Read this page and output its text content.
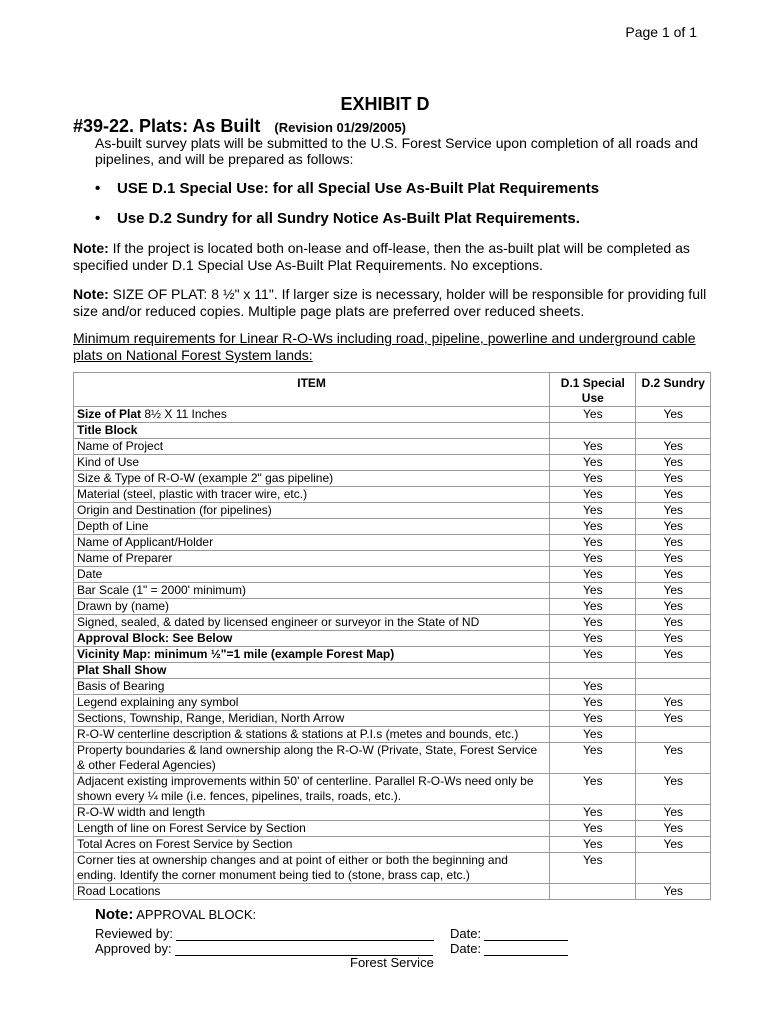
Page 1 of 1
EXHIBIT D
#39-22. Plats: As Built (Revision 01/29/2005)
As-built survey plats will be submitted to the U.S. Forest Service upon completion of all roads and pipelines, and will be prepared as follows:
• USE D.1 Special Use: for all Special Use As-Built Plat Requirements
• Use D.2 Sundry for all Sundry Notice As-Built Plat Requirements.
Note: If the project is located both on-lease and off-lease, then the as-built plat will be completed as specified under D.1 Special Use As-Built Plat Requirements. No exceptions.
Note: SIZE OF PLAT: 8 ½" x 11". If larger size is necessary, holder will be responsible for providing full size and/or reduced copies. Multiple page plats are preferred over reduced sheets.
Minimum requirements for Linear R-O-Ws including road, pipeline, powerline and underground cable plats on National Forest System lands:
ITEM	D.1 Special Use	D.2 Sundry
Size of Plat 8½ X 11 Inches	Yes	Yes
Title Block		
Name of Project	Yes	Yes
Kind of Use	Yes	Yes
Size & Type of R-O-W (example 2" gas pipeline)	Yes	Yes
Material (steel, plastic with tracer wire, etc.)	Yes	Yes
Origin and Destination (for pipelines)	Yes	Yes
Depth of Line	Yes	Yes
Name of Applicant/Holder	Yes	Yes
Name of Preparer	Yes	Yes
Date	Yes	Yes
Bar Scale (1" = 2000' minimum)	Yes	Yes
Drawn by (name)	Yes	Yes
Signed, sealed, & dated by licensed engineer or surveyor in the State of ND	Yes	Yes
Approval Block: See Below	Yes	Yes
Vicinity Map: minimum ½"=1 mile (example Forest Map)	Yes	Yes
Plat Shall Show		
Basis of Bearing	Yes	
Legend explaining any symbol	Yes	Yes
Sections, Township, Range, Meridian, North Arrow	Yes	Yes
R-O-W centerline description & stations & stations at P.I.s (metes and bounds, etc.)	Yes	
Property boundaries & land ownership along the R-O-W (Private, State, Forest Service & other Federal Agencies)	Yes	Yes
Adjacent existing improvements within 50' of centerline. Parallel R-O-Ws need only be shown every ¼ mile (i.e. fences, pipelines, trails, roads, etc.).	Yes	Yes
R-O-W width and length	Yes	Yes
Length of line on Forest Service by Section	Yes	Yes
Total Acres on Forest Service by Section	Yes	Yes
Corner ties at ownership changes and at point of either or both the beginning and ending. Identify the corner monument being tied to (stone, brass cap, etc.)	Yes	
Road Locations		Yes
Note: APPROVAL BLOCK:
Reviewed by:
Approved by:
Date:
Date:
Forest Service
